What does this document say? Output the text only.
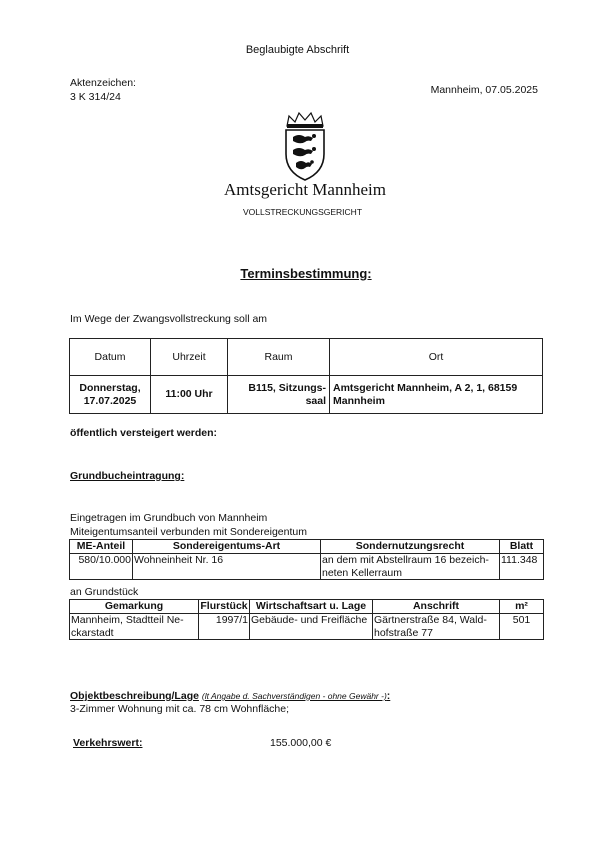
Beglaubigte Abschrift
Aktenzeichen:
3 K 314/24
Mannheim, 07.05.2025
Amtsgericht Mannheim
VOLLSTRECKUNGSGERICHT
Terminsbestimmung:
Im Wege der Zwangsvollstreckung soll am
Datum	Uhrzeit	Raum	Ort
Donnerstag, 17.07.2025	11:00 Uhr	B115, Sitzungs- saal	Amtsgericht Mannheim, A 2, 1, 68159 Mannheim
öffentlich versteigert werden:
Grundbucheintragung:
Eingetragen im Grundbuch von Mannheim
Miteigentumsanteil verbunden mit Sondereigentum
ME-Anteil	Sondereigentums-Art	Sondernutzungsrecht	Blatt
580/10.000	Wohneinheit Nr. 16	an dem mit Abstellraum 16 bezeich- neten Kellerraum	111.348
an Grundstück
Gemarkung	Flurstück	Wirtschaftsart u. Lage	Anschrift	m²
Mannheim, Stadtteil Ne- ckarstadt	1997/1	Gebäude- und Freifläche	Gärtnerstraße 84, Wald- hofstraße 77	501
Objektbeschreibung/Lage (lt Angabe d. Sachverständigen - ohne Gewähr -):
3-Zimmer Wohnung mit ca. 78 cm Wohnfläche;
Verkehrswert:	155.000,00 €
